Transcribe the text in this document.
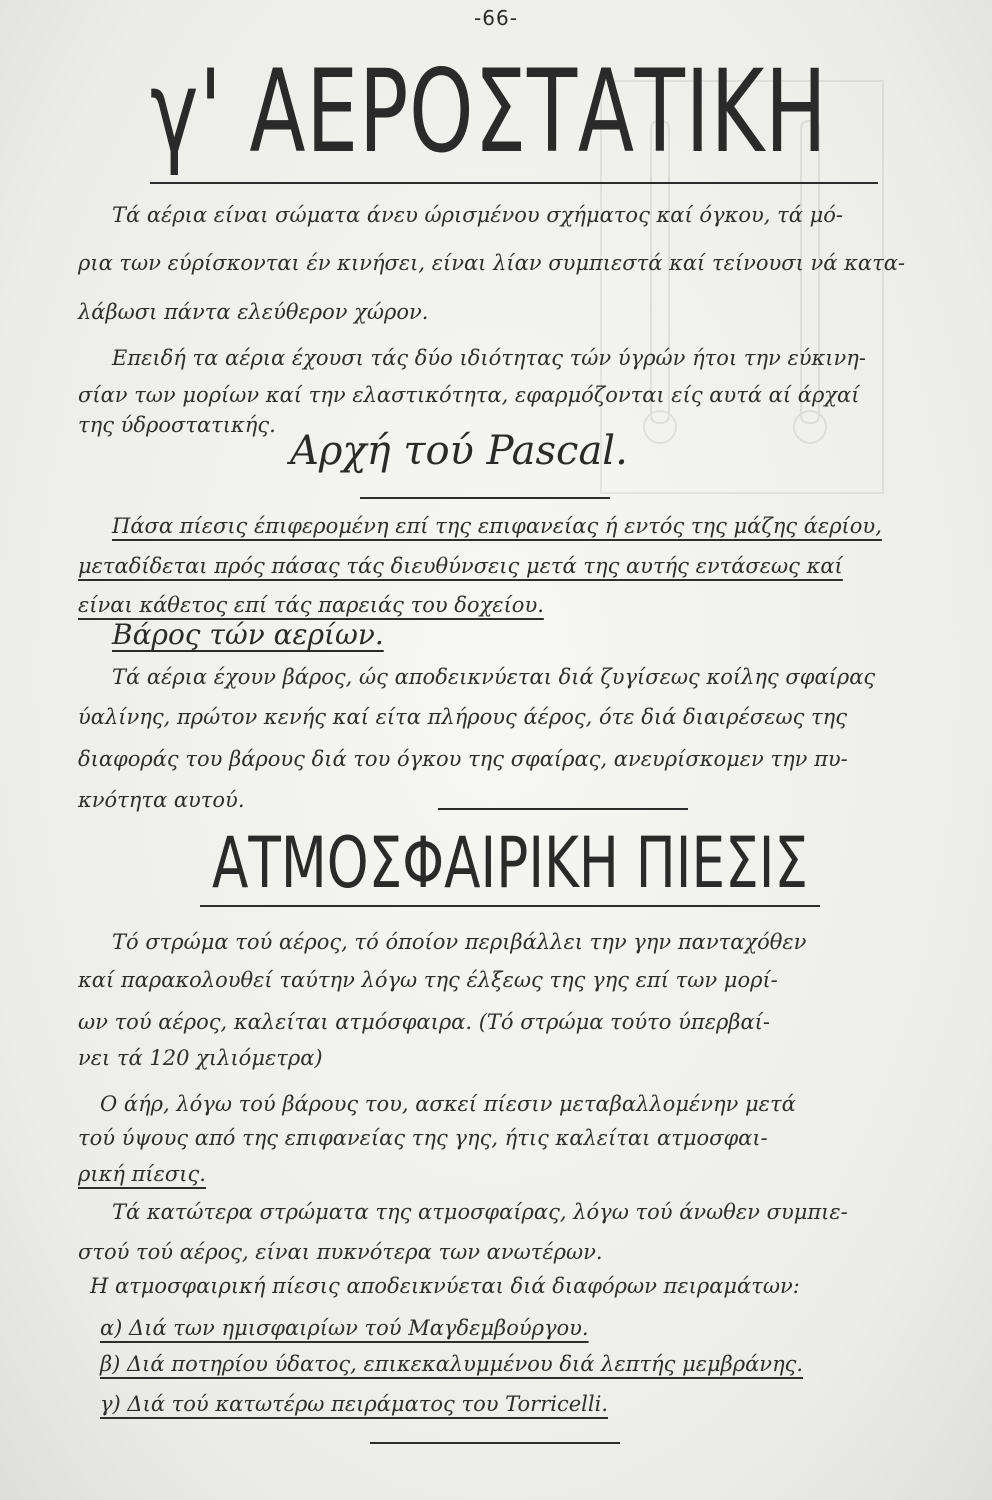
-66-
γ' ΑΕΡΟΣΤΑΤΙΚΗ
Τά αέρια είναι σώματα άνευ ώρισμένου σχήματος καί όγκου, τά μό-
ρια των εύρίσκονται έν κινήσει, είναι λίαν συμπιεστά καί τείνουσι νά κατα-
λάβωσι πάντα ελεύθερον χώρον.
Επειδή τα αέρια έχουσι τάς δύο ιδιότητας τών ύγρών ήτοι την εύκινη-
σίαν των μορίων καί την ελαστικότητα, εφαρμόζονται είς αυτά αί άρχαί
της ύδροστατικής.
Αρχή τού Pascal.
Πάσα πίεσις έπιφερομένη επί της επιφανείας ή εντός της μάζης άερίου,
μεταδίδεται πρός πάσας τάς διευθύνσεις μετά της αυτής εντάσεως καί
είναι κάθετος επί τάς παρειάς του δοχείου.
Βάρος τών αερίων.
Τά αέρια έχουν βάρος, ώς αποδεικνύεται διά ζυγίσεως κοίλης σφαίρας
ύαλίνης, πρώτον κενής καί είτα πλήρους άέρος, ότε διά διαιρέσεως της
διαφοράς του βάρους διά του όγκου της σφαίρας, ανευρίσκομεν την πυ-
κνότητα αυτού.
ΑΤΜΟΣΦΑΙΡΙΚΗ ΠΙΕΣΙΣ
Τό στρώμα τού αέρος, τό όποίον περιβάλλει την γην πανταχόθεν
καί παρακολουθεί ταύτην λόγω της έλξεως της γης επί των μορί-
ων τού αέρος, καλείται ατμόσφαιρα. (Τό στρώμα τούτο ύπερβαί-
νει τά 120 χιλιόμετρα)
Ο άήρ, λόγω τού βάρους του, ασκεί πίεσιν μεταβαλλομένην μετά
τού ύψους από της επιφανείας της γης, ήτις καλείται ατμοσφαι-
ρική πίεσις.
Τά κατώτερα στρώματα της ατμοσφαίρας, λόγω τού άνωθεν συμπιε-
στού τού αέρος, είναι πυκνότερα των ανωτέρων.
Η ατμοσφαιρική πίεσις αποδεικνύεται διά διαφόρων πειραμάτων:
α) Διά των ημισφαιρίων τού Μαγδεμβούργου.
β) Διά ποτηρίου ύδατος, επικεκαλυμμένου διά λεπτής μεμβράνης.
γ) Διά τού κατωτέρω πειράματος του Torricelli.
